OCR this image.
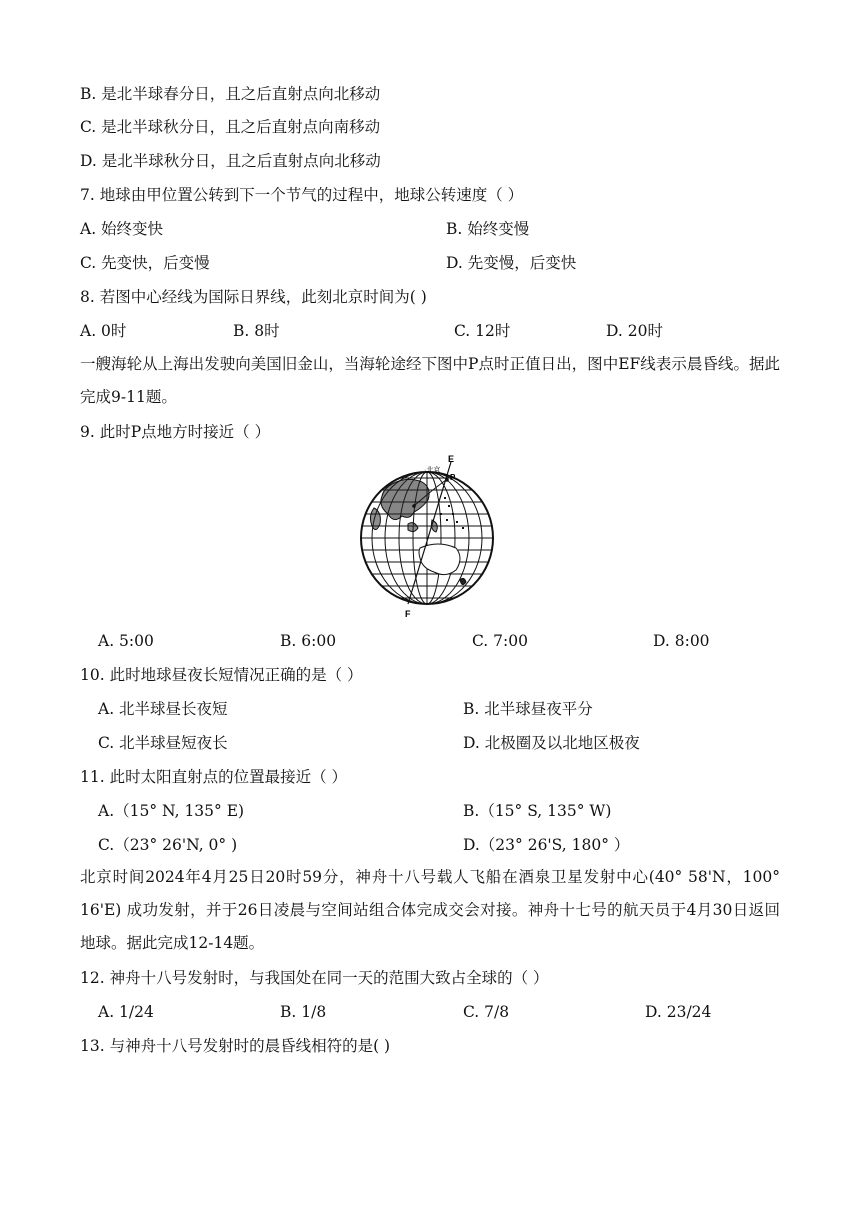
B. 是北半球春分日，且之后直射点向北移动
C. 是北半球秋分日，且之后直射点向南移动
D. 是北半球秋分日，且之后直射点向北移动
7. 地球由甲位置公转到下一个节气的过程中，地球公转速度（ ）
A. 始终变快	B. 始终变慢
C. 先变快，后变慢	D. 先变慢，后变快
8. 若图中心经线为国际日界线，此刻北京时间为( )
A. 0时	B. 8时	C. 12时	D. 20时
一艘海轮从上海出发驶向美国旧金山，当海轮途经下图中P点时正值日出，图中EF线表示晨昏线。据此完成9-11题。
9. 此时P点地方时接近（ ）
E
F
P
·北京
A. 5:00	B. 6:00	C. 7:00	D. 8:00
10. 此时地球昼夜长短情况正确的是（ ）
A. 北半球昼长夜短	B. 北半球昼夜平分
C. 北半球昼短夜长	D. 北极圈及以北地区极夜
11. 此时太阳直射点的位置最接近（ ）
A.（15° N, 135° E)	B.（15° S, 135° W)
C.（23° 26'N, 0° )	D.（23° 26'S, 180° ）
北京时间2024年4月25日20时59分，神舟十八号载人飞船在酒泉卫星发射中心(40° 58'N，100° 16'E) 成功发射，并于26日凌晨与空间站组合体完成交会对接。神舟十七号的航天员于4月30日返回地球。据此完成12-14题。
12. 神舟十八号发射时，与我国处在同一天的范围大致占全球的（ ）
A. 1/24	B. 1/8	C. 7/8	D. 23/24
13. 与神舟十八号发射时的晨昏线相符的是( )
